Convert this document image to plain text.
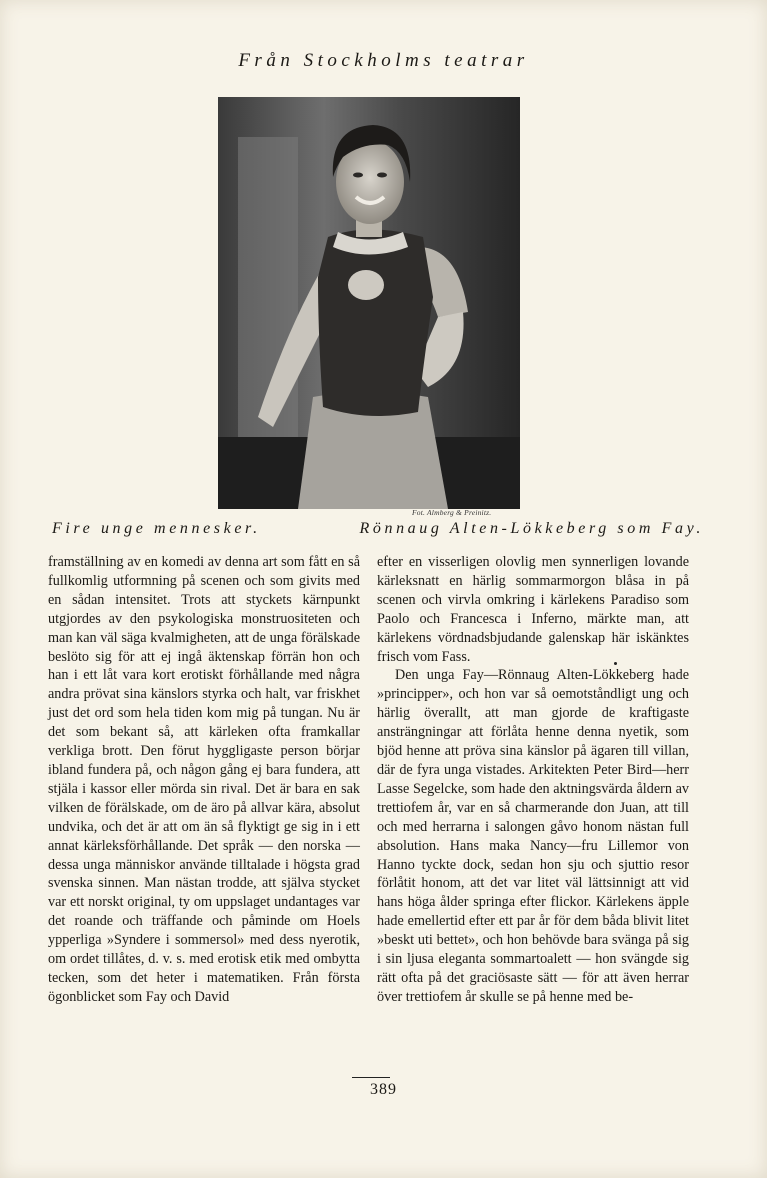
Från Stockholms teatrar
Fot. Almberg & Preinitz.
Fire unge mennesker.	Rönnaug Alten-Lökkeberg som Fay.

framställning av en komedi av denna art som fått en så fullkomlig utformning på scenen och som givits med en sådan intensitet. Trots att styckets kärnpunkt utgjordes av den psykologiska monstruositeten och man kan väl säga kvalmigheten, att de unga förälskade beslöto sig för att ej ingå äktenskap förrän hon och han i ett låt vara kort erotiskt förhållande med några andra prövat sina känslors styrka och halt, var friskhet just det ord som hela tiden kom mig på tungan. Nu är det som bekant så, att kärleken ofta framkallar verkliga brott. Den förut hyggligaste person börjar ibland fundera på, och någon gång ej bara fundera, att stjäla i kassor eller mörda sin rival. Det är bara en sak vilken de förälskade, om de äro på allvar kära, absolut undvika, och det är att om än så flyktigt ge sig in i ett annat kärleksförhållande. Det språk — den norska — dessa unga människor använde tilltalade i högsta grad svenska sinnen. Man nästan trodde, att själva stycket var ett norskt original, ty om uppslaget undantages var det roande och träffande och påminde om Hoels ypperliga »Syndere i sommersol» med dess nyerotik, om ordet tillåtes, d. v. s. med erotisk etik med ombytta tecken, som det heter i matematiken. Från första ögonblicket som Fay och David

efter en visserligen olovlig men synnerligen lovande kärleksnatt en härlig sommarmorgon blåsa in på scenen och virvla omkring i kärlekens Paradiso som Paolo och Francesca i Inferno, märkte man, att kärlekens vördnadsbjudande galenskap här iskänktes frisch vom Fass.

Den unga Fay—Rönnaug Alten-Lökkeberg hade »principper», och hon var så oemotståndligt ung och härlig överallt, att man gjorde de kraftigaste ansträngningar att förlåta henne denna nyetik, som bjöd henne att pröva sina känslor på ägaren till villan, där de fyra unga vistades. Arkitekten Peter Bird—herr Lasse Segelcke, som hade den aktningsvärda åldern av trettiofem år, var en så charmerande don Juan, att till och med herrarna i salongen gåvo honom nästan full absolution. Hans maka Nancy—fru Lillemor von Hanno tyckte dock, sedan hon sju och sjuttio resor förlåtit honom, att det var litet väl lättsinnigt att vid hans höga ålder springa efter flickor. Kärlekens äpple hade emellertid efter ett par år för dem båda blivit litet »beskt uti bettet», och hon behövde bara svänga på sig i sin ljusa eleganta sommartoalett — hon svängde sig rätt ofta på det graciösaste sätt — för att även herrar över trettiofem år skulle se på henne med be-

389
